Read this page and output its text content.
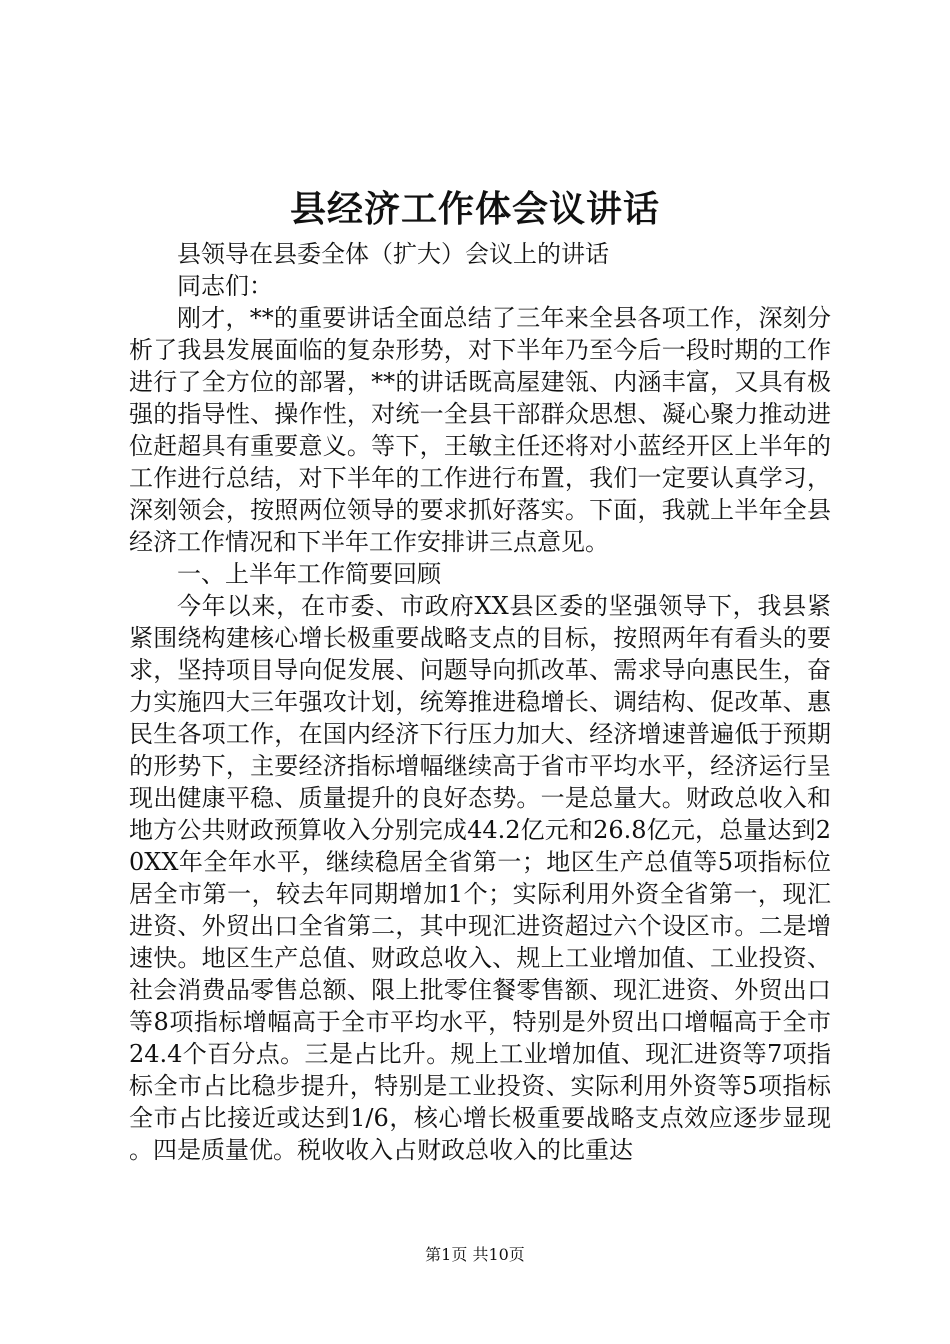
县经济工作体会议讲话

县领导在县委全体（扩大）会议上的讲话

同志们：

刚才，**的重要讲话全面总结了三年来全县各项工作，深刻分析了我县发展面临的复杂形势，对下半年乃至今后一段时期的工作进行了全方位的部署，**的讲话既高屋建瓴、内涵丰富，又具有极强的指导性、操作性，对统一全县干部群众思想、凝心聚力推动进位赶超具有重要意义。等下，王敏主任还将对小蓝经开区上半年的工作进行总结，对下半年的工作进行布置，我们一定要认真学习，深刻领会，按照两位领导的要求抓好落实。下面，我就上半年全县经济工作情况和下半年工作安排讲三点意见。

一、上半年工作简要回顾

今年以来，在市委、市政府XX县区委的坚强领导下，我县紧紧围绕构建核心增长极重要战略支点的目标，按照两年有看头的要求，坚持项目导向促发展、问题导向抓改革、需求导向惠民生，奋力实施四大三年强攻计划，统筹推进稳增长、调结构、促改革、惠民生各项工作，在国内经济下行压力加大、经济增速普遍低于预期的形势下，主要经济指标增幅继续高于省市平均水平，经济运行呈现出健康平稳、质量提升的良好态势。一是总量大。财政总收入和地方公共财政预算收入分别完成44.2亿元和26.8亿元，总量达到20XX年全年水平，继续稳居全省第一；地区生产总值等5项指标位居全市第一，较去年同期增加1个；实际利用外资全省第一，现汇进资、外贸出口全省第二，其中现汇进资超过六个设区市。二是增速快。地区生产总值、财政总收入、规上工业增加值、工业投资、社会消费品零售总额、限上批零住餐零售额、现汇进资、外贸出口等8项指标增幅高于全市平均水平，特别是外贸出口增幅高于全市24.4个百分点。三是占比升。规上工业增加值、现汇进资等7项指标全市占比稳步提升，特别是工业投资、实际利用外资等5项指标全市占比接近或达到1/6，核心增长极重要战略支点效应逐步显现。四是质量优。税收收入占财政总收入的比重达

第1页 共10页
